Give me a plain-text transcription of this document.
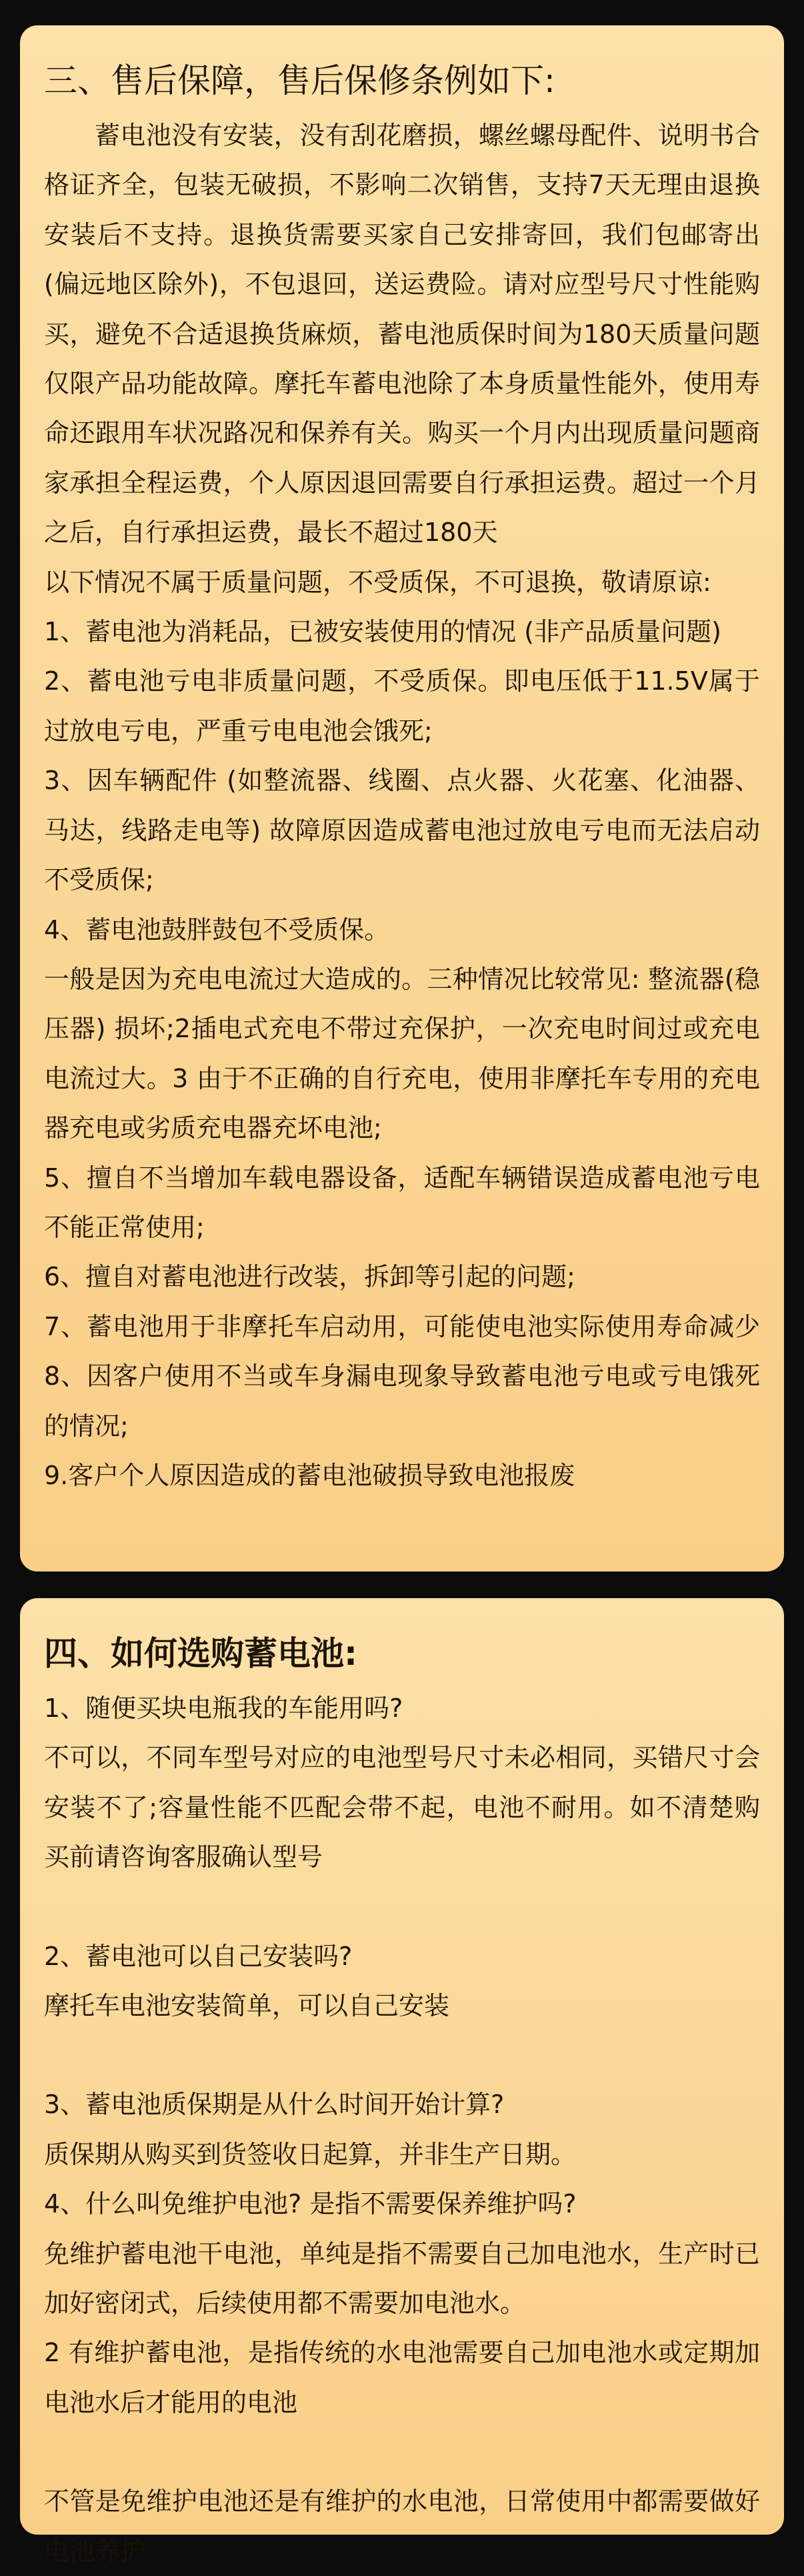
三、售后保障，售后保修条例如下:

蓄电池没有安装，没有刮花磨损，螺丝螺母配件、说明书合格证齐全，包装无破损，不影响二次销售，支持7天无理由退换安装后不支持。退换货需要买家自己安排寄回，我们包邮寄出(偏远地区除外)，不包退回，送运费险。请对应型号尺寸性能购买，避免不合适退换货麻烦，蓄电池质保时间为180天质量问题仅限产品功能故障。摩托车蓄电池除了本身质量性能外，使用寿命还跟用车状况路况和保养有关。购买一个月内出现质量问题商家承担全程运费，个人原因退回需要自行承担运费。超过一个月之后，自行承担运费，最长不超过180天

以下情况不属于质量问题，不受质保，不可退换，敬请原谅:

1、蓄电池为消耗品，已被安装使用的情况 (非产品质量问题)

2、蓄电池亏电非质量问题，不受质保。即电压低于11.5V属于过放电亏电，严重亏电电池会饿死;

3、因车辆配件 (如整流器、线圈、点火器、火花塞、化油器、马达，线路走电等) 故障原因造成蓄电池过放电亏电而无法启动不受质保;

4、蓄电池鼓胖鼓包不受质保。

一般是因为充电电流过大造成的。三种情况比较常见: 整流器(稳压器) 损坏;2插电式充电不带过充保护，一次充电时间过或充电电流过大。3 由于不正确的自行充电，使用非摩托车专用的充电器充电或劣质充电器充坏电池;

5、擅自不当增加车载电器设备，适配车辆错误造成蓄电池亏电不能正常使用;

6、擅自对蓄电池进行改装，拆卸等引起的问题;

7、蓄电池用于非摩托车启动用，可能使电池实际使用寿命减少8、因客户使用不当或车身漏电现象导致蓄电池亏电或亏电饿死的情况;

9.客户个人原因造成的蓄电池破损导致电池报废

四、如何选购蓄电池:

1、随便买块电瓶我的车能用吗?

不可以，不同车型号对应的电池型号尺寸未必相同，买错尺寸会安装不了;容量性能不匹配会带不起，电池不耐用。如不清楚购买前请咨询客服确认型号

2、蓄电池可以自己安装吗?

摩托车电池安装简单，可以自己安装

3、蓄电池质保期是从什么时间开始计算?

质保期从购买到货签收日起算，并非生产日期。

4、什么叫免维护电池? 是指不需要保养维护吗?

免维护蓄电池干电池，单纯是指不需要自己加电池水，生产时已加好密闭式，后续使用都不需要加电池水。

2 有维护蓄电池，是指传统的水电池需要自己加电池水或定期加电池水后才能用的电池

不管是免维护电池还是有维护的水电池，日常使用中都需要做好电池养护
